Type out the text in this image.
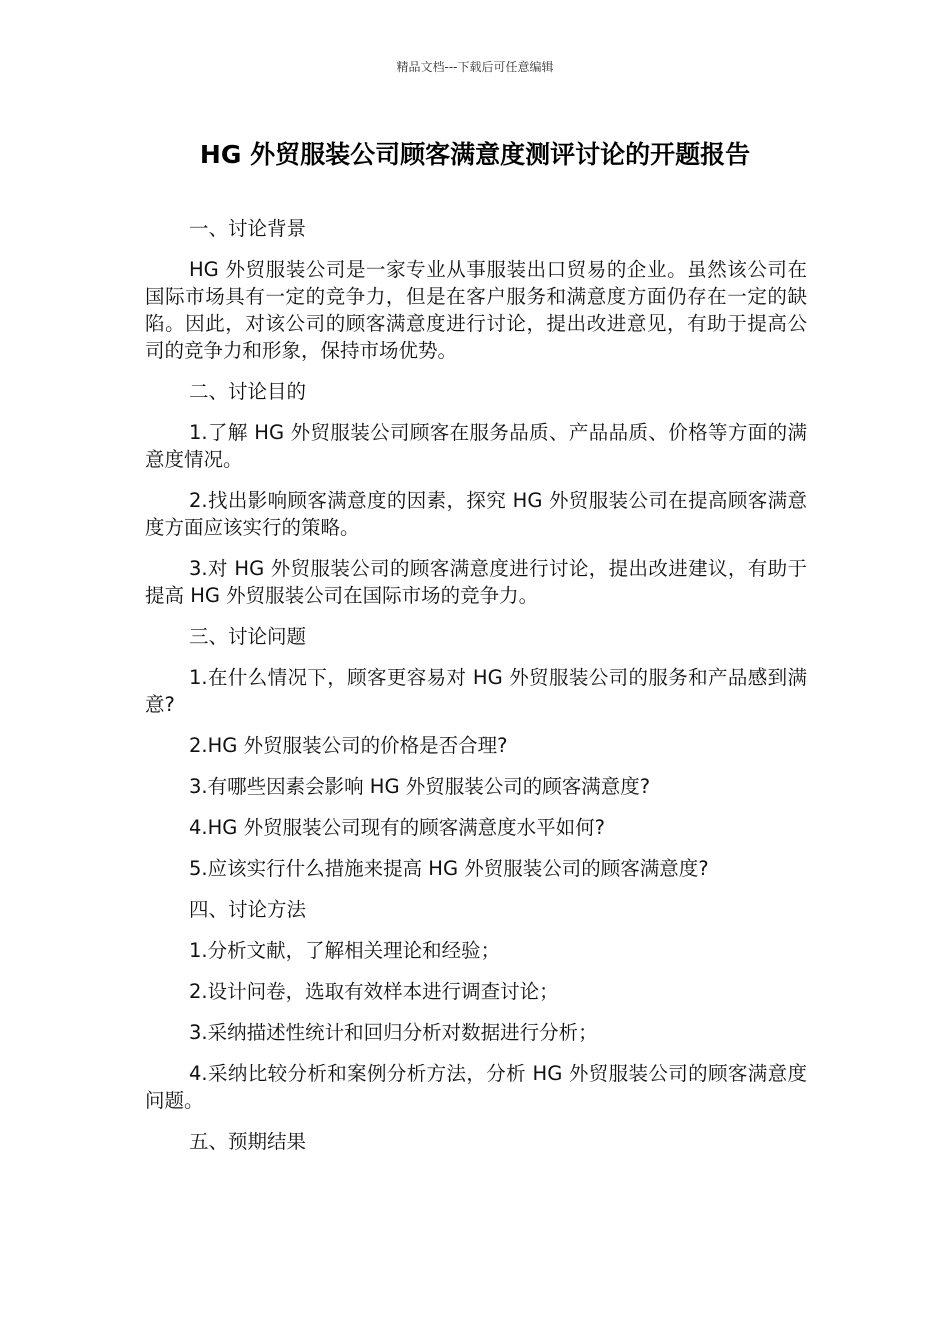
精品文档---下载后可任意编辑
HG 外贸服装公司顾客满意度测评讨论的开题报告

一、讨论背景

HG 外贸服装公司是一家专业从事服装出口贸易的企业。虽然该公司在国际市场具有一定的竞争力，但是在客户服务和满意度方面仍存在一定的缺陷。因此，对该公司的顾客满意度进行讨论，提出改进意见，有助于提高公司的竞争力和形象，保持市场优势。

二、讨论目的

1.了解 HG 外贸服装公司顾客在服务品质、产品品质、价格等方面的满意度情况。

2.找出影响顾客满意度的因素，探究 HG 外贸服装公司在提高顾客满意度方面应该实行的策略。

3.对 HG 外贸服装公司的顾客满意度进行讨论，提出改进建议，有助于提高 HG 外贸服装公司在国际市场的竞争力。

三、讨论问题

1.在什么情况下，顾客更容易对 HG 外贸服装公司的服务和产品感到满意?

2.HG 外贸服装公司的价格是否合理?

3.有哪些因素会影响 HG 外贸服装公司的顾客满意度?

4.HG 外贸服装公司现有的顾客满意度水平如何?

5.应该实行什么措施来提高 HG 外贸服装公司的顾客满意度?

四、讨论方法

1.分析文献，了解相关理论和经验；

2.设计问卷，选取有效样本进行调查讨论；

3.采纳描述性统计和回归分析对数据进行分析；

4.采纳比较分析和案例分析方法，分析 HG 外贸服装公司的顾客满意度问题。

五、预期结果
